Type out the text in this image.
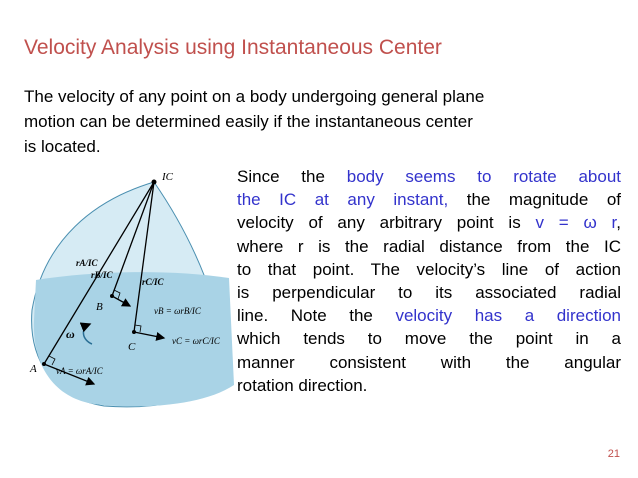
Velocity Analysis using Instantaneous Center
The velocity of any point on a body undergoing general plane
motion can be determined easily if the instantaneous center
is located.
IC
rA/IC
rB/IC
rC/IC
A
B
C
ω
vA = ωrA/IC
vB = ωrB/IC
vC = ωrC/IC
Since the body seems to rotate about
the IC at any instant, the magnitude of
velocity of any arbitrary point is v = ω r,
where r is the radial distance from the IC
to that point. The velocity’s line of action
is perpendicular to its associated radial
line. Note the velocity has a direction
which tends to move the point in a
manner consistent with the angular
rotation direction.
21
